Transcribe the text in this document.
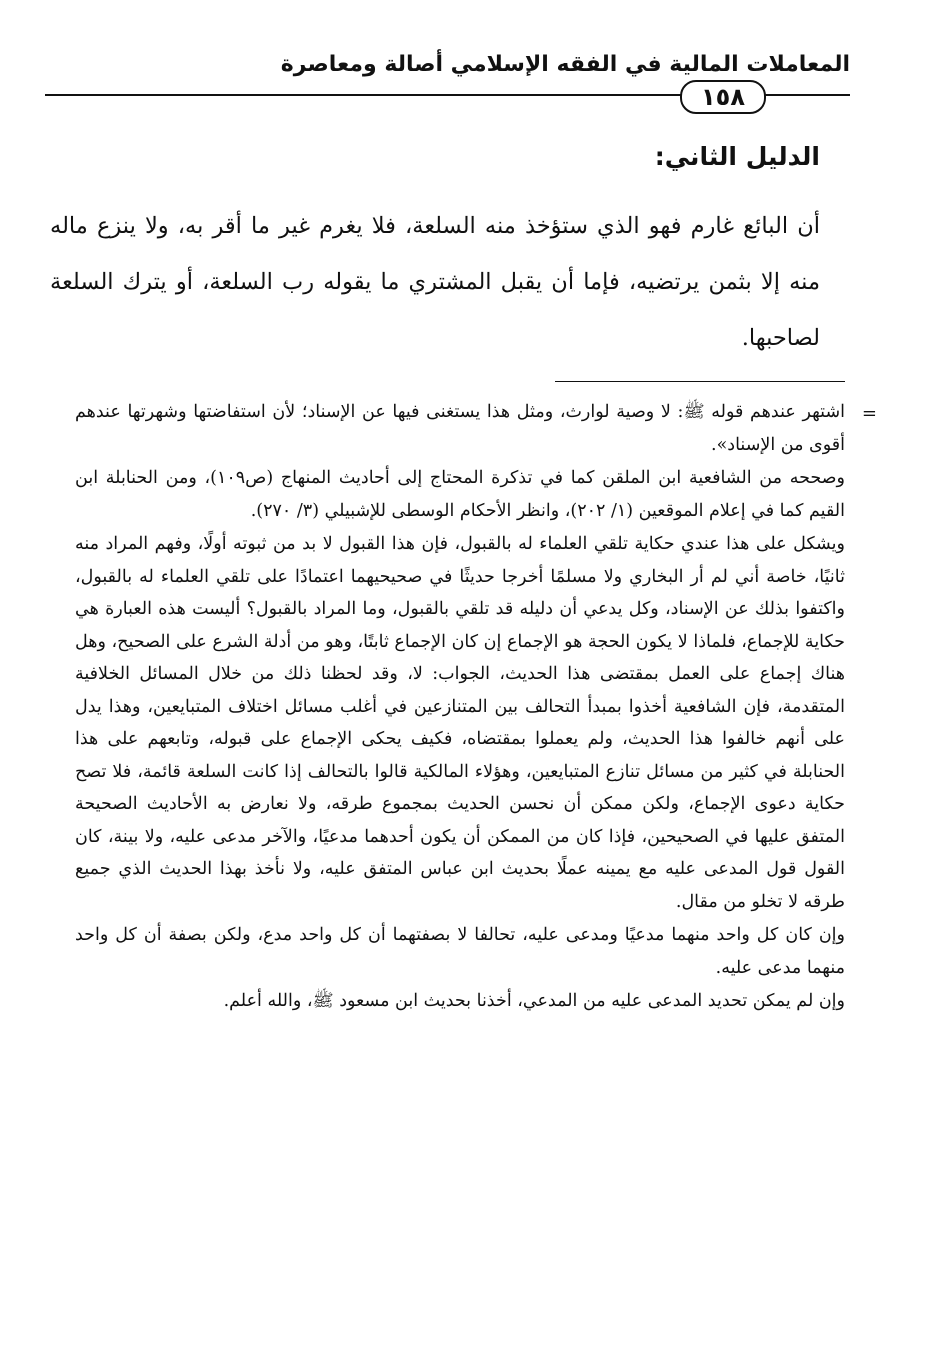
المعاملات المالية في الفقه الإسلامي أصالة ومعاصرة
١٥٨
الدليل الثاني:

أن البائع غارم فهو الذي ستؤخذ منه السلعة، فلا يغرم غير ما أقر به، ولا ينزع ماله منه إلا بثمن يرتضيه، فإما أن يقبل المشتري ما يقوله رب السلعة، أو يترك السلعة لصاحبها.

=

اشتهر عندهم قوله ﷺ: لا وصية لوارث، ومثل هذا يستغنى فيها عن الإسناد؛ لأن استفاضتها وشهرتها عندهم أقوى من الإسناد».

وصححه من الشافعية ابن الملقن كما في تذكرة المحتاج إلى أحاديث المنهاج (ص١٠٩)، ومن الحنابلة ابن القيم كما في إعلام الموقعين (١/ ٢٠٢)، وانظر الأحكام الوسطى للإشبيلي (٣/ ٢٧٠).

ويشكل على هذا عندي حكاية تلقي العلماء له بالقبول، فإن هذا القبول لا بد من ثبوته أولًا، وفهم المراد منه ثانيًا، خاصة أني لم أر البخاري ولا مسلمًا أخرجا حديثًا في صحيحيهما اعتمادًا على تلقي العلماء له بالقبول، واكتفوا بذلك عن الإسناد، وكل يدعي أن دليله قد تلقي بالقبول، وما المراد بالقبول؟ أليست هذه العبارة هي حكاية للإجماع، فلماذا لا يكون الحجة هو الإجماع إن كان الإجماع ثابتًا، وهو من أدلة الشرع على الصحيح، وهل هناك إجماع على العمل بمقتضى هذا الحديث، الجواب: لا، وقد لحظنا ذلك من خلال المسائل الخلافية المتقدمة، فإن الشافعية أخذوا بمبدأ التحالف بين المتنازعين في أغلب مسائل اختلاف المتبايعين، وهذا يدل على أنهم خالفوا هذا الحديث، ولم يعملوا بمقتضاه، فكيف يحكى الإجماع على قبوله، وتابعهم على هذا الحنابلة في كثير من مسائل تنازع المتبايعين، وهؤلاء المالكية قالوا بالتحالف إذا كانت السلعة قائمة، فلا تصح حكاية دعوى الإجماع، ولكن ممكن أن نحسن الحديث بمجموع طرقه، ولا نعارض به الأحاديث الصحيحة المتفق عليها في الصحيحين، فإذا كان من الممكن أن يكون أحدهما مدعيًا، والآخر مدعى عليه، ولا بينة، كان القول قول المدعى عليه مع يمينه عملًا بحديث ابن عباس المتفق عليه، ولا نأخذ بهذا الحديث الذي جميع طرقه لا تخلو من مقال.

وإن كان كل واحد منهما مدعيًا ومدعى عليه، تحالفا لا بصفتهما أن كل واحد مدع، ولكن بصفة أن كل واحد منهما مدعى عليه.

وإن لم يمكن تحديد المدعى عليه من المدعي، أخذنا بحديث ابن مسعود ﷺ، والله أعلم.
